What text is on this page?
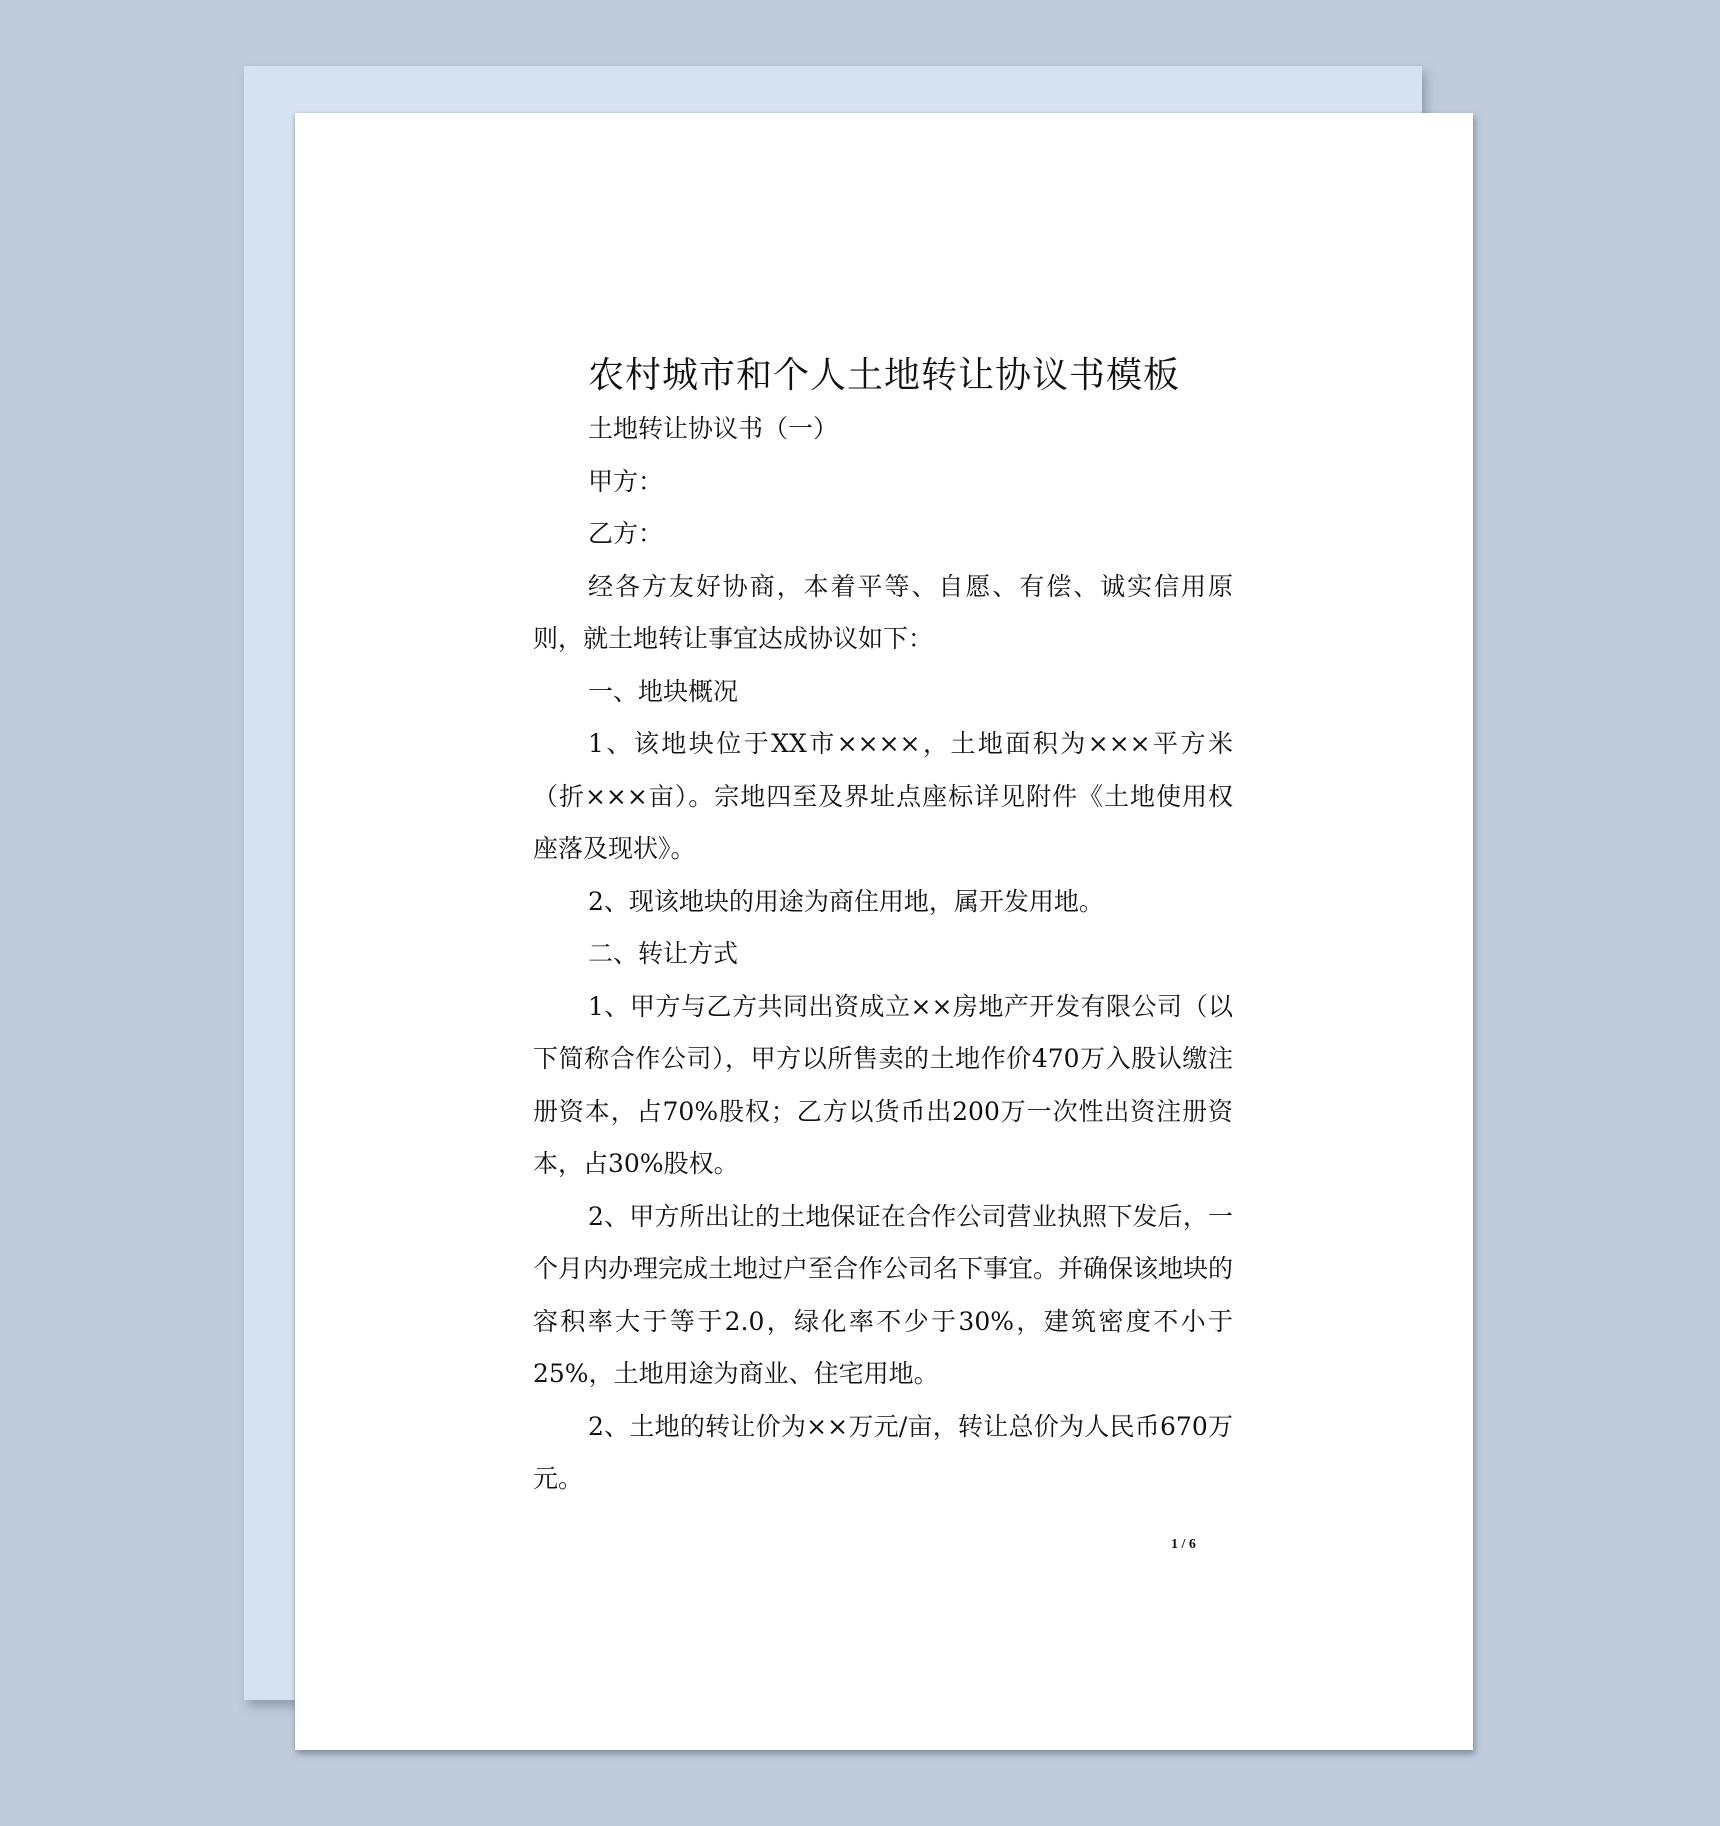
农村城市和个人土地转让协议书模板

土地转让协议书（一）

甲方：

乙方：

经各方友好协商，本着平等、自愿、有偿、诚实信用原则，就土地转让事宜达成协议如下：

一、地块概况

1、该地块位于XX市××××，土地面积为×××平方米（折×××亩）。宗地四至及界址点座标详见附件《土地使用权座落及现状》。

2、现该地块的用途为商住用地，属开发用地。

二、转让方式

1、甲方与乙方共同出资成立××房地产开发有限公司（以下简称合作公司），甲方以所售卖的土地作价470万入股认缴注册资本，占70%股权；乙方以货币出200万一次性出资注册资本，占30%股权。

2、甲方所出让的土地保证在合作公司营业执照下发后，一个月内办理完成土地过户至合作公司名下事宜。并确保该地块的容积率大于等于2.0，绿化率不少于30%，建筑密度不小于25%，土地用途为商业、住宅用地。

2、土地的转让价为××万元/亩，转让总价为人民币670万元。

1 / 6
